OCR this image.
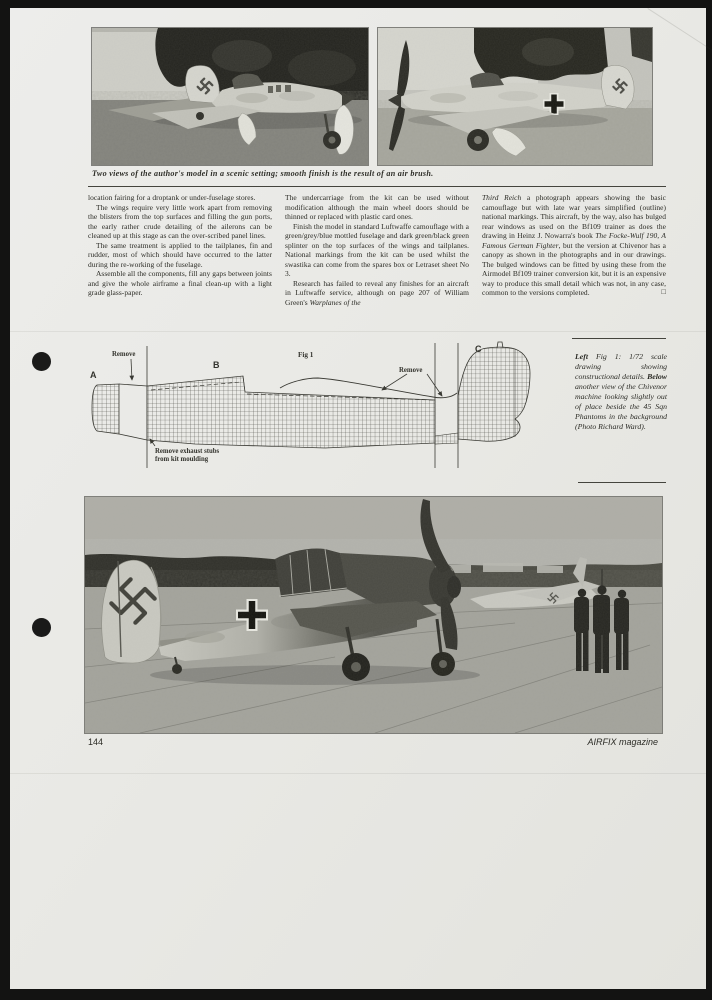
Two views of the author's model in a scenic setting; smooth finish is the result of an air brush.

location fairing for a droptank or under-fuselage stores.

The wings require very little work apart from removing the blisters from the top surfaces and filling the gun ports, the early rather crude detailing of the ailerons can be cleaned up at this stage as can the over-scribed panel lines.

The same treatment is applied to the tailplanes, fin and rudder, most of which should have occurred to the latter during the re-working of the fuselage.

Assemble all the components, fill any gaps between joints and give the whole airframe a final clean-up with a light grade glass-paper.

The undercarriage from the kit can be used without modification although the main wheel doors should be thinned or replaced with plastic card ones.

Finish the model in standard Luftwaffe camouflage with a green/grey/blue mottled fuselage and dark green/black green splinter on the top surfaces of the wings and tailplanes. National markings from the kit can be used whilst the swastika can come from the spares box or Letraset sheet No 3.

Research has failed to reveal any finishes for an aircraft in Luftwaffe service, although on page 207 of William Green's Warplanes of the

Third Reich a photograph appears showing the basic camouflage but with late war years simplified (outline) national markings. This aircraft, by the way, also has bulged rear windows as used on the Bf109 trainer as does the drawing in Heinz J. Nowarra's book The Focke-Wulf 190, A Famous German Fighter, but the version at Chivenor has a canopy as shown in the photographs and in our drawings. The bulged windows can be fitted by using these from the Airmodel Bf109 trainer conversion kit, but it is an expensive way to produce this small detail which was not, in any case, common to the versions completed.	□

Remove
A
B
Fig 1
C
Remove
Remove exhaust stubs
from kit moulding
Left Fig 1: 1/72 scale drawing showing constructional details. Below another view of the Chivenor machine looking slightly out of place beside the 45 Sqn Phantoms in the background (Photo Richard Ward).
144	AIRFIX magazine
